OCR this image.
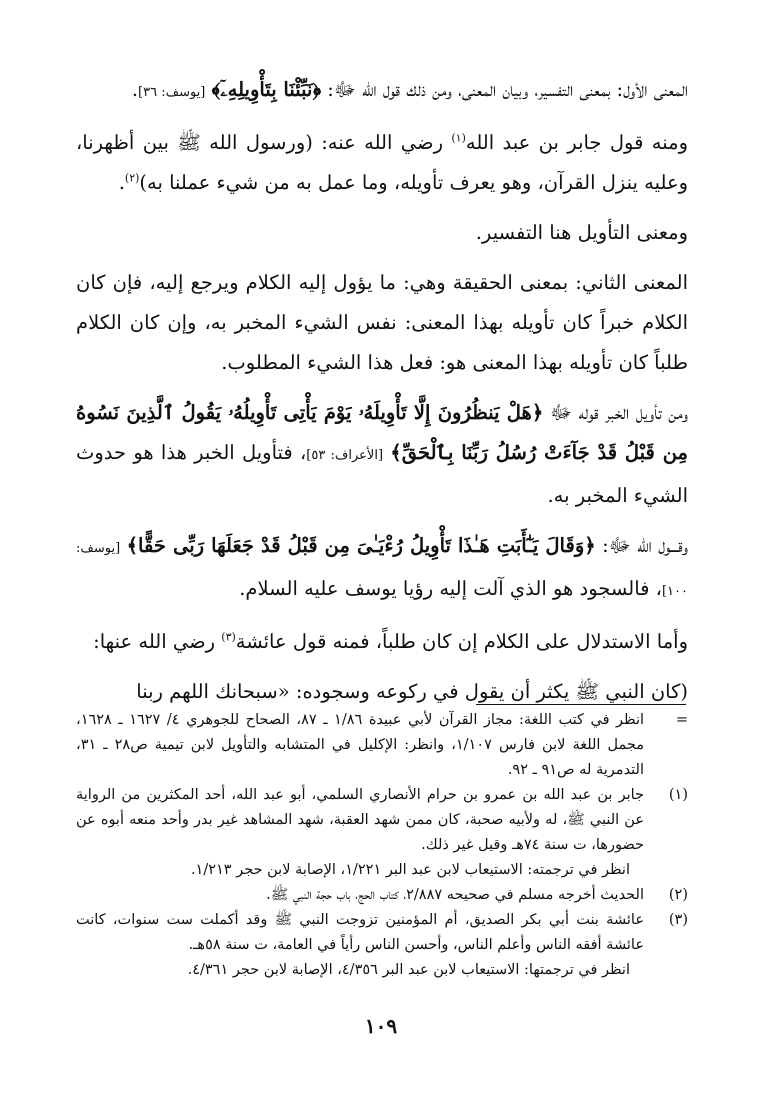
المعنى الأول: بمعنى التفسير، وبيان المعنى، ومن ذلك قول الله ﷻ: ﴿نَبِّئْنَا بِتَأْوِيلِهِۦٓ﴾ [يوسف: ٣٦].

ومنه قول جابر بن عبد الله$^{(١)}$ رضي الله عنه: (ورسول الله ﷺ بين أظهرنا، وعليه ينزل القرآن، وهو يعرف تأويله، وما عمل به من شيء عملنا به)$^{(٢)}$.

ومعنى التأويل هنا التفسير.

المعنى الثاني: بمعنى الحقيقة وهي: ما يؤول إليه الكلام ويرجع إليه، فإن كان الكلام خبراً كان تأويله بهذا المعنى: نفس الشيء المخبر به، وإن كان الكلام طلباً كان تأويله بهذا المعنى هو: فعل هذا الشيء المطلوب.

ومن تأويل الخبر قوله ﷻ ﴿هَلْ يَنظُرُونَ إِلَّا تَأْوِيلَهُۥ يَوْمَ يَأْتِى تَأْوِيلُهُۥ يَقُولُ ٱلَّذِينَ نَسُوهُ مِن قَبْلُ قَدْ جَآءَتْ رُسُلُ رَبِّنَا بِٱلْحَقِّ﴾ [الأعراف: ٥٣]، فتأويل الخبر هذا هو حدوث الشيء المخبر به.

وقـــول الله ﷻ: ﴿وَقَالَ يَـٰٓأَبَتِ هَـٰذَا تَأْوِيلُ رُءْيَـٰىَ مِن قَبْلُ قَدْ جَعَلَهَا رَبِّى حَقًّا﴾ [يوسف: ١٠٠]، فالسجود هو الذي آلت إليه رؤيا يوسف عليه السلام.

وأما الاستدلال على الكلام إن كان طلباً، فمنه قول عائشة$^{(٣)}$ رضي الله عنها:

(كان النبي ﷺ يكثر أن يقول في ركوعه وسجوده: «سبحانك اللهم ربنا

=

انظر في كتب اللغة: مجاز القرآن لأبي عبيدة ١/٨٦ ـ ٨٧، الصحاح للجوهري ٤/ ١٦٢٧ ـ ١٦٢٨، مجمل اللغة لابن فارس ١/١٠٧، وانظر: الإكليل في المتشابه والتأويل لابن تيمية ص٢٨ ـ ٣١، التدمرية له ص٩١ ـ ٩٢.

(١)

جابر بن عبد الله بن عمرو بن حرام الأنصاري السلمي، أبو عبد الله، أحد المكثرين من الرواية عن النبي ﷺ، له ولأبيه صحبة، كان ممن شهد العقبة، شهد المشاهد غير بدر وأحد منعه أبوه عن حضورها، ت سنة ٧٤هـ وقيل غير ذلك.

انظر في ترجمته: الاستيعاب لابن عبد البر ١/٢٢١، الإصابة لابن حجر ١/٢١٣.

(٢)

الحديث أخرجه مسلم في صحيحه ٢/٨٨٧، كتاب الحج، باب حجة النبي ﷺ.

(٣)

عائشة بنت أبي بكر الصديق، أم المؤمنين تزوجت النبي ﷺ وقد أكملت ست سنوات، كانت عائشة أفقه الناس وأعلم الناس، وأحسن الناس رأياً في العامة، ت سنة ٥٨هـ.

انظر في ترجمتها: الاستيعاب لابن عبد البر ٤/٣٥٦، الإصابة لابن حجر ٤/٣٦١.

١٠٩
